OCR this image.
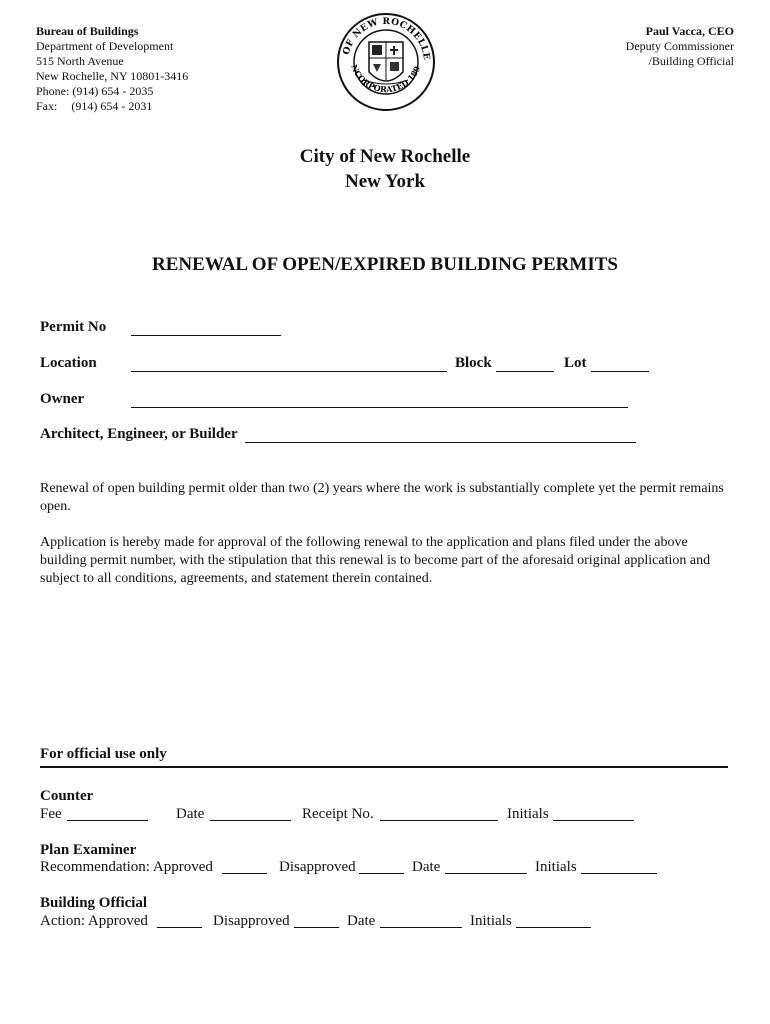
Bureau of Buildings
Department of Development
515 North Avenue
New Rochelle, NY 10801-3416
Phone: (914) 654 - 2035
Fax: (914) 654 - 2031
Paul Vacca, CEO
Deputy Commissioner
/Building Official
OF NEW ROCHELLE
NCORPORATED 189
City of New Rochelle
New York
RENEWAL OF OPEN/EXPIRED BUILDING PERMITS
Permit No
Location	Block	Lot
Owner
Architect, Engineer, or Builder
Renewal of open building permit older than two (2) years where the work is substantially complete yet the permit remains open.
Application is hereby made for approval of the following renewal to the application and plans filed under the above building permit number, with the stipulation that this renewal is to become part of the aforesaid original application and subject to all conditions, agreements, and statement therein contained.
For official use only
Counter
Fee	Date	Receipt No.	Initials
Plan Examiner
Recommendation: Approved	Disapproved	Date	Initials
Building Official
Action: Approved	Disapproved	Date	Initials
